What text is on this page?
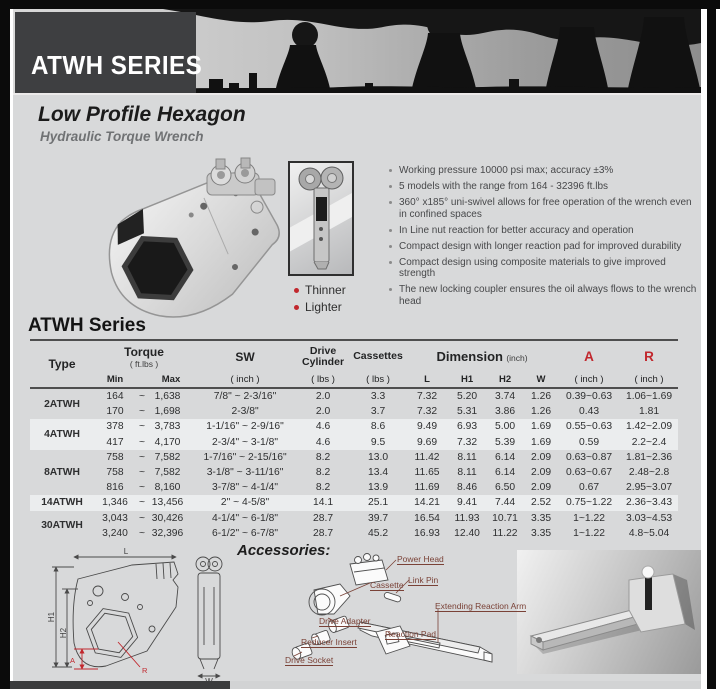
ATWH SERIES
Low Profile Hexagon
Hydraulic Torque Wrench
Thinner
Lighter
Working pressure 10000 psi max; accuracy ±3%
5 models with the range from 164 - 32396 ft.lbs
360° x185° uni-swivel allows for free operation of the wrench even in confined spaces
In Line nut reaction for better accuracy and operation
Compact design with longer reaction pad for improved durability
Compact design using composite materials to give improved strength
The new locking coupler ensures the oil always flows to the wrench head
ATWH Series
Type	Torque
( ft.lbs )			SW	Drive Cylinder	Cassettes	Dimension (inch)				A	R
	Min		Max	( inch )	( lbs )	( lbs )	L	H1	H2	W	( inch )	( inch )
2ATWH	164	~	1,638	7/8" ~ 2-3/16"	2.0	3.3	7.32	5.20	3.74	1.26	0.39~0.63	1.06~1.69
	170	~	1,698	2-3/8"	2.0	3.7	7.32	5.31	3.86	1.26	0.43	1.81
4ATWH	378	~	3,783	1-1/16" ~ 2-9/16"	4.6	8.6	9.49	6.93	5.00	1.69	0.55~0.63	1.42~2.09
	417	~	4,170	2-3/4" ~ 3-1/8"	4.6	9.5	9.69	7.32	5.39	1.69	0.59	2.2~2.4
8ATWH	758	~	7,582	1-7/16" ~ 2-15/16"	8.2	13.0	11.42	8.11	6.14	2.09	0.63~0.87	1.81~2.36
	758	~	7,582	3-1/8" ~ 3-11/16"	8.2	13.4	11.65	8.11	6.14	2.09	0.63~0.67	2.48~2.8
	816	~	8,160	3-7/8" ~ 4-1/4"	8.2	13.9	11.69	8.46	6.50	2.09	0.67	2.95~3.07
14ATWH	1,346	~	13,456	2" ~ 4-5/8"	14.1	25.1	14.21	9.41	7.44	2.52	0.75~1.22	2.36~3.43
30ATWH	3,043	~	30,426	4-1/4" ~ 6-1/8"	28.7	39.7	16.54	11.93	10.71	3.35	1~1.22	3.03~4.53
	3,240	~	32,396	6-1/2" ~ 6-7/8"	28.7	45.2	16.93	12.40	11.22	3.35	1~1.22	4.8~5.04
L
H1
H2
A
R
Accessories:	Power Head
Cassette Link Pin
Extending Reaction Arm
Drive Adapter
Reducer Insert
Drive Socket
Reaction Pad
